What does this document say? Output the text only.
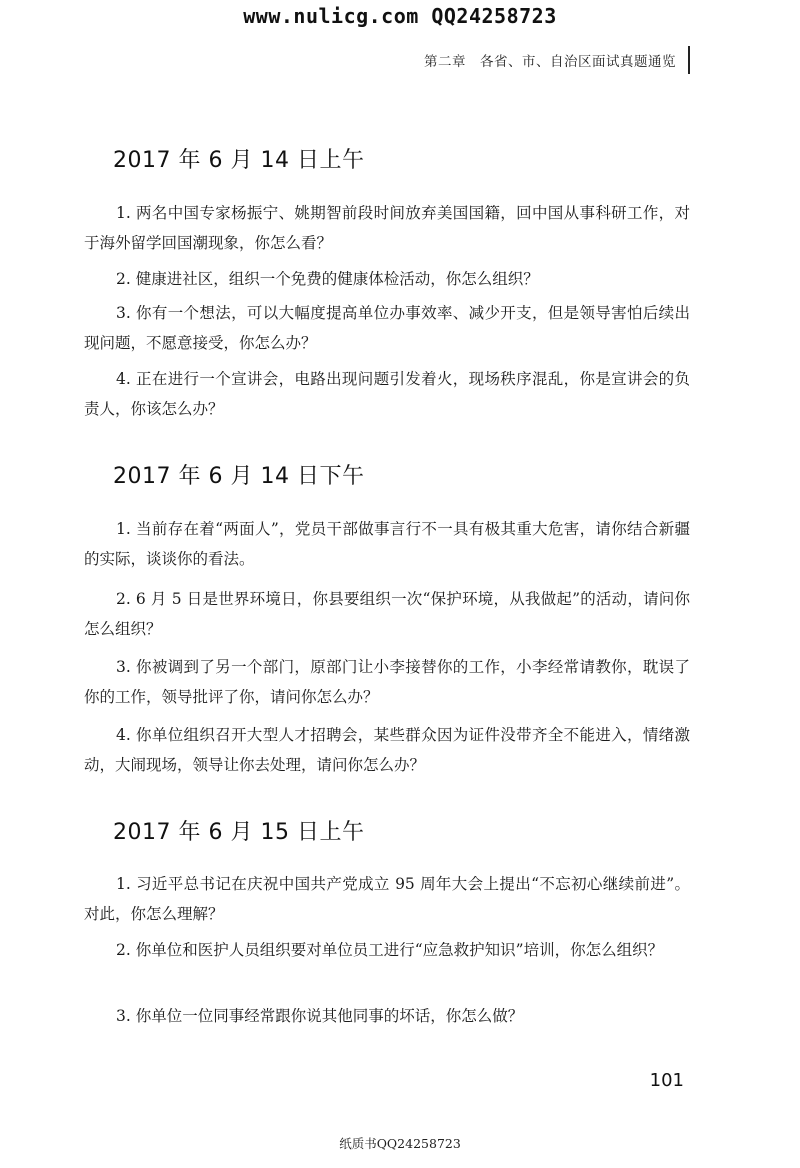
www.nulicg.com QQ24258723
第二章　各省、市、自治区面试真题通览
2017 年 6 月 14 日上午

1. 两名中国专家杨振宁、姚期智前段时间放弃美国国籍，回中国从事科研工作，对于海外留学回国潮现象，你怎么看？

2. 健康进社区，组织一个免费的健康体检活动，你怎么组织？

3. 你有一个想法，可以大幅度提高单位办事效率、减少开支，但是领导害怕后续出现问题，不愿意接受，你怎么办？

4. 正在进行一个宣讲会，电路出现问题引发着火，现场秩序混乱，你是宣讲会的负责人，你该怎么办？

2017 年 6 月 14 日下午

1. 当前存在着“两面人”，党员干部做事言行不一具有极其重大危害，请你结合新疆的实际，谈谈你的看法。

2. 6 月 5 日是世界环境日，你县要组织一次“保护环境，从我做起”的活动，请问你怎么组织？

3. 你被调到了另一个部门，原部门让小李接替你的工作，小李经常请教你，耽误了你的工作，领导批评了你，请问你怎么办？

4. 你单位组织召开大型人才招聘会，某些群众因为证件没带齐全不能进入，情绪激动，大闹现场，领导让你去处理，请问你怎么办？

2017 年 6 月 15 日上午

1. 习近平总书记在庆祝中国共产党成立 95 周年大会上提出“不忘初心继续前进”。对此，你怎么理解？

2. 你单位和医护人员组织要对单位员工进行“应急救护知识”培训，你怎么组织？

3. 你单位一位同事经常跟你说其他同事的坏话，你怎么做？

101
纸质书QQ24258723
